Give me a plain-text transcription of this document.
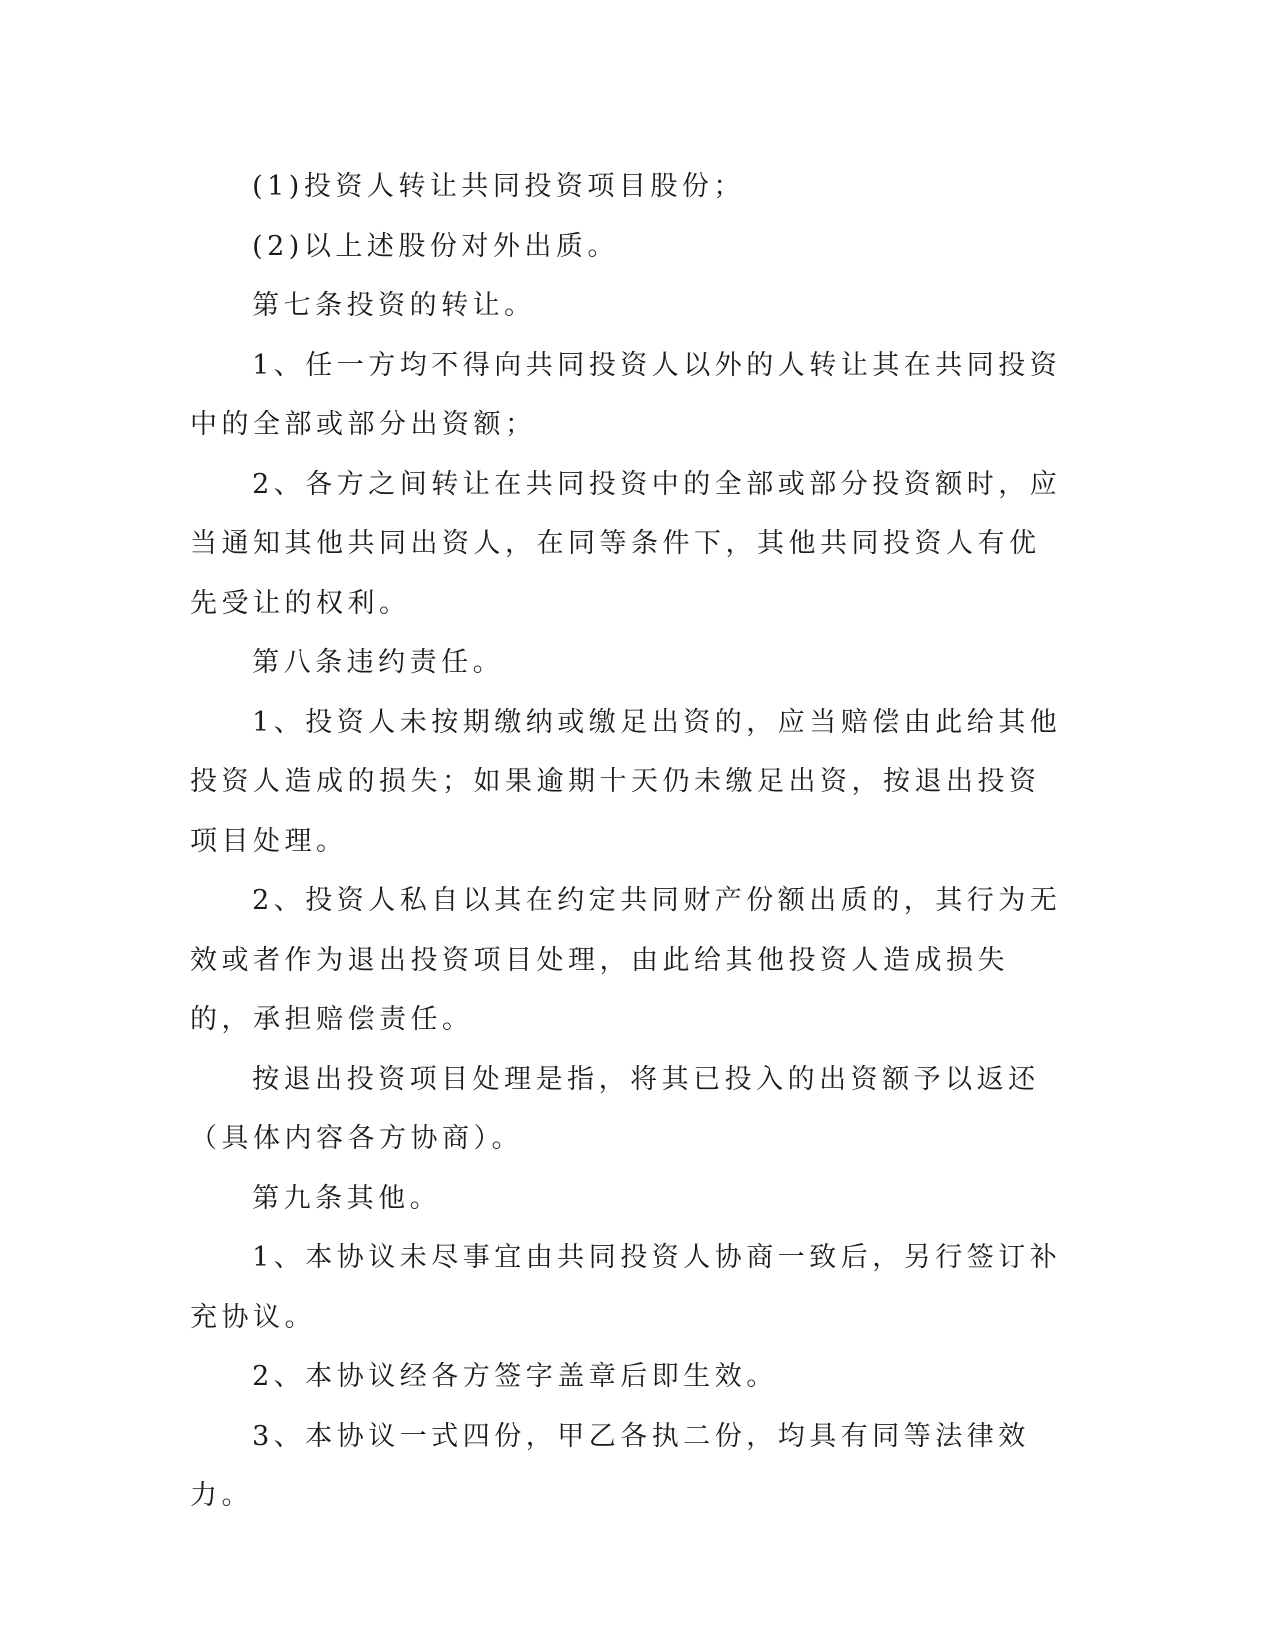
(1)投资人转让共同投资项目股份；

(2)以上述股份对外出质。

第七条投资的转让。

1、任一方均不得向共同投资人以外的人转让其在共同投资中的全部或部分出资额；

2、各方之间转让在共同投资中的全部或部分投资额时，应当通知其他共同出资人，在同等条件下，其他共同投资人有优先受让的权利。

第八条违约责任。

1、投资人未按期缴纳或缴足出资的，应当赔偿由此给其他投资人造成的损失；如果逾期十天仍未缴足出资，按退出投资项目处理。

2、投资人私自以其在约定共同财产份额出质的，其行为无效或者作为退出投资项目处理，由此给其他投资人造成损失的，承担赔偿责任。

按退出投资项目处理是指，将其已投入的出资额予以返还（具体内容各方协商）。

第九条其他。

1、本协议未尽事宜由共同投资人协商一致后，另行签订补充协议。

2、本协议经各方签字盖章后即生效。

3、本协议一式四份，甲乙各执二份，均具有同等法律效力。
